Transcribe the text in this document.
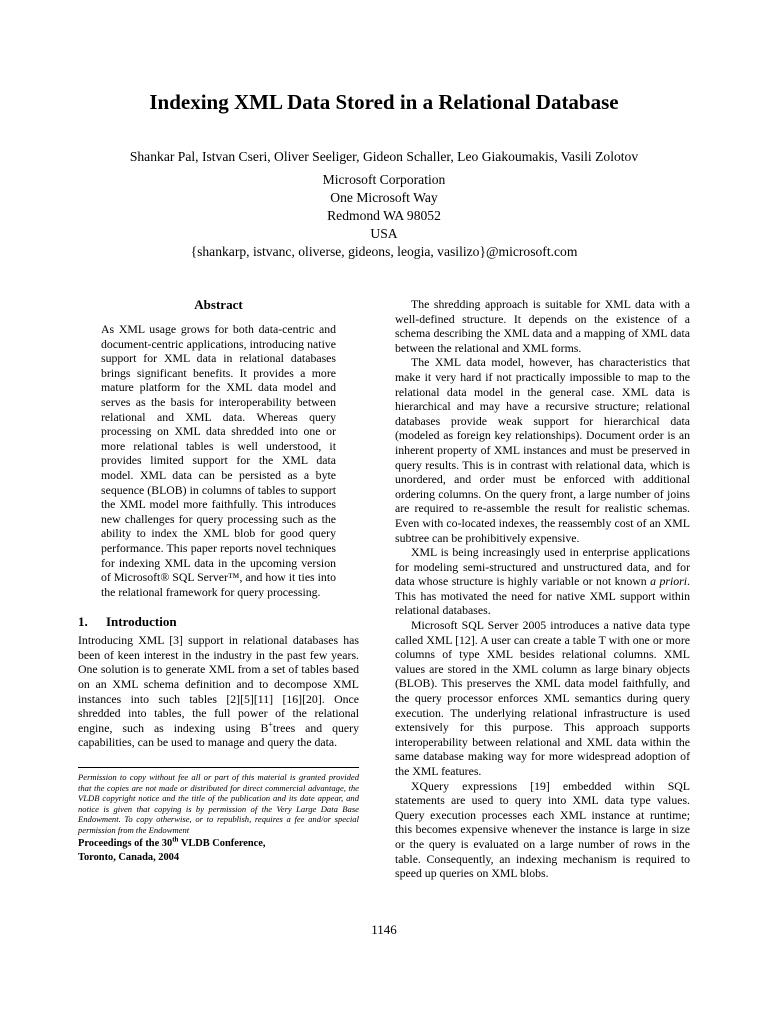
Indexing XML Data Stored in a Relational Database
Shankar Pal, Istvan Cseri, Oliver Seeliger, Gideon Schaller, Leo Giakoumakis, Vasili Zolotov
Microsoft Corporation
One Microsoft Way
Redmond WA 98052
USA
{shankarp, istvanc, oliverse, gideons, leogia, vasilizo}@microsoft.com
Abstract

As XML usage grows for both data-centric and document-centric applications, introducing native support for XML data in relational databases brings significant benefits. It provides a more mature platform for the XML data model and serves as the basis for interoperability between relational and XML data. Whereas query processing on XML data shredded into one or more relational tables is well understood, it provides limited support for the XML data model. XML data can be persisted as a byte sequence (BLOB) in columns of tables to support the XML model more faithfully. This introduces new challenges for query processing such as the ability to index the XML blob for good query performance. This paper reports novel techniques for indexing XML data in the upcoming version of Microsoft® SQL Server™, and how it ties into the relational framework for query processing.

1. Introduction

Introducing XML [3] support in relational databases has been of keen interest in the industry in the past few years. One solution is to generate XML from a set of tables based on an XML schema definition and to decompose XML instances into such tables [2][5][11] [16][20]. Once shredded into tables, the full power of the relational engine, such as indexing using B+trees and query capabilities, can be used to manage and query the data.

Permission to copy without fee all or part of this material is granted provided that the copies are not made or distributed for direct commercial advantage, the VLDB copyright notice and the title of the publication and its date appear, and notice is given that copying is by permission of the Very Large Data Base Endowment. To copy otherwise, or to republish, requires a fee and/or special permission from the Endowment

Proceedings of the 30th VLDB Conference,
Toronto, Canada, 2004

The shredding approach is suitable for XML data with a well-defined structure. It depends on the existence of a schema describing the XML data and a mapping of XML data between the relational and XML forms.

The XML data model, however, has characteristics that make it very hard if not practically impossible to map to the relational data model in the general case. XML data is hierarchical and may have a recursive structure; relational databases provide weak support for hierarchical data (modeled as foreign key relationships). Document order is an inherent property of XML instances and must be preserved in query results. This is in contrast with relational data, which is unordered, and order must be enforced with additional ordering columns. On the query front, a large number of joins are required to re-assemble the result for realistic schemas. Even with co-located indexes, the reassembly cost of an XML subtree can be prohibitively expensive.

XML is being increasingly used in enterprise applications for modeling semi-structured and unstructured data, and for data whose structure is highly variable or not known a priori. This has motivated the need for native XML support within relational databases.

Microsoft SQL Server 2005 introduces a native data type called XML [12]. A user can create a table T with one or more columns of type XML besides relational columns. XML values are stored in the XML column as large binary objects (BLOB). This preserves the XML data model faithfully, and the query processor enforces XML semantics during query execution. The underlying relational infrastructure is used extensively for this purpose. This approach supports interoperability between relational and XML data within the same database making way for more widespread adoption of the XML features.

XQuery expressions [19] embedded within SQL statements are used to query into XML data type values. Query execution processes each XML instance at runtime; this becomes expensive whenever the instance is large in size or the query is evaluated on a large number of rows in the table. Consequently, an indexing mechanism is required to speed up queries on XML blobs.

1146
